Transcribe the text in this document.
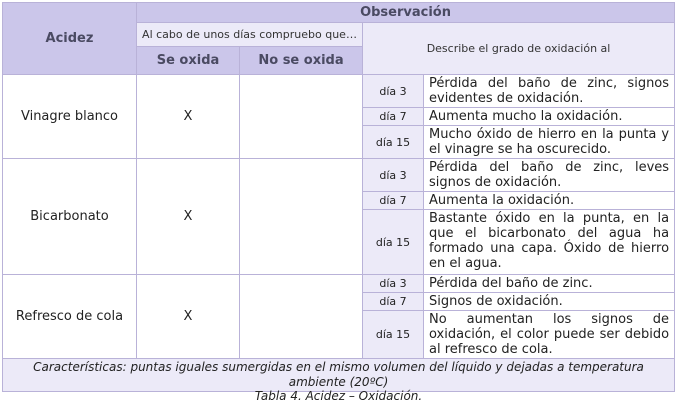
Acidez	Observación			
	Al cabo de unos días compruebo que…		Describe el grado de oxidación al	
	Se oxida	No se oxida		
Vinagre blanco	X		día 3	Pérdida del baño de zinc, signos evidentes de oxidación.
			día 7	Aumenta mucho la oxidación.
			día 15	Mucho óxido de hierro en la punta y el vinagre se ha oscurecido.
Bicarbonato	X		día 3	Pérdida del baño de zinc, leves signos de oxidación.
			día 7	Aumenta la oxidación.
			día 15	Bastante óxido en la punta, en la que el bicarbonato del agua ha formado una capa. Óxido de hierro en el agua.
Refresco de cola	X		día 3	Pérdida del baño de zinc.
			día 7	Signos de oxidación.
			día 15	No aumentan los signos de oxidación, el color puede ser debido al refresco de cola.
Características: puntas iguales sumergidas en el mismo volumen del líquido y dejadas a temperatura ambiente (20ºC)				
Tabla 4. Acidez – Oxidación.
